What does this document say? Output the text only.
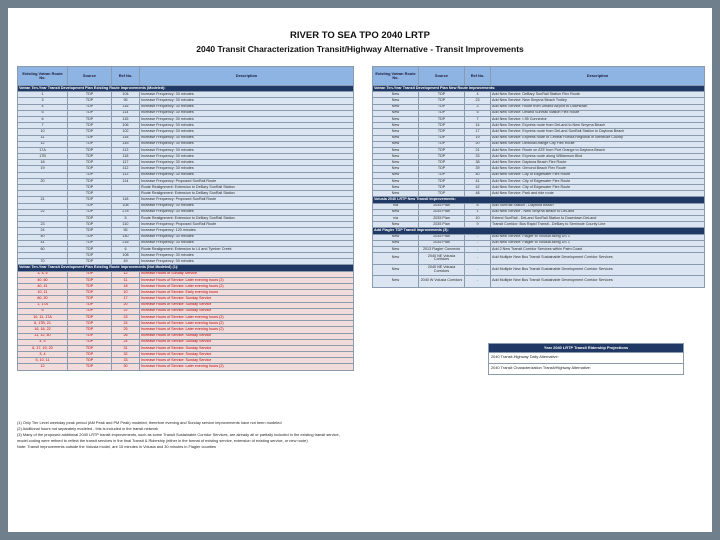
RIVER TO SEA TPO 2040 LRTP
2040 Transit Characterization Transit/Highway Alternative - Transit Improvements
Existing Votran Route No.	Source	Ref No.	Description
Votran Ten-Year Transit Development Plan Existing Route Improvements (Modeled):			
1	TDP	104	Increase Frequency: 30 minutes
3	TDP	95	Increase Frequency: 30 minutes
4	TDP	116	Increase Frequency: 30 minutes
5	TDP	114	Increase Frequency: 30 minutes
6	TDP	115	Increase Frequency: 30 minutes
7	TDP	106	Increase Frequency: 30 minutes
10	TDP	102	Increase Frequency: 30 minutes
11	TDP	144	Increase Frequency: 30 minutes
12	TDP	145	Increase Frequency: 30 minutes
17A	TDP	113	Increase Frequency: 30 minutes
17B	TDP	118	Increase Frequency: 30 minutes
18	TDP	117	Increase Frequency: 30 minutes
19	TDP	112	Increase Frequency: 30 minutes
	TDP	113	Increase Frequency: 30 minutes
20	TDP	114	Increase Frequency: Proposed SunRail Route
	TDP		Route Realignment: Extension to DeBary SunRail Station
	TDP		Route Realignment: Extension to DeBary SunRail Station
21	TDP	118	Increase Frequency: Proposed SunRail Route
	TDP	108	Increase Frequency: 30 minutes
22	TDP	278	Increase Frequency: 30 minutes
	TDP	5	Route Realignment: Extension to DeBary SunRail Station
23	TDP	110	Increase Frequency: Proposed SunRail Route
24	TDP	55	Increase Frequency: 120 minutes
40	TDP	140	Increase Frequency: 30 minutes
41	TDP	216	Increase Frequency: 30 minutes
60	TDP	6	Route Realignment: Extension to I-4 and Tymber Creek
	TDP	108	Increase Frequency: 30 minutes
70	TDP	49	Increase Frequency: 30 minutes
Votran Ten-Year Transit Development Plan Existing Route Improvements (Not Modeled) (1):			
3, 4, 5	TDP	12	Increase Hours of Sunday Service
40, 60	TDP	11	Increase Hours of Service: Later evening hours (2)
40, 41	TDP	18	Increase Hours of Service: Later evening hours (2)
10, 11	TDP	10	Increase Hours of Service: Early evening hours
60, 20	TDP	17	Increase Hours of Service: Sunday Service
1, 17A	TDP	20	Increase Hours of Service: Sunday Service
5	TDP	22	Increase Hours of Service: Sunday Service
10, 11, 17A	TDP	23	Increase Hours of Service: Later evening hours (2)
6, 17B, 21	TDP	24	Increase Hours of Service: Later evening hours (2)
16, 18, 22	TDP	25	Increase Hours of Service: Later evening hours (2)
11, 12, 40	TDP	26	Increase Hours of Service: Sunday Service
4, 5	TDP	24	Increase Hours of Service: Sunday Service
6, 17, 19, 20	TDP	31	Increase Hours of Service: Sunday Service
3, 4	TDP	32	Increase Hours of Service: Sunday Service
5, 10, 11	TDP	33	Increase Hours of Service: Sunday Service
12	TDP	30	Increase Hours of Service: Later evening hours (2)
Existing Votran Route No.	Source	Ref No.	Description
Votran Ten-Year Transit Development Plan New Route Improvements:			
New	TDP	4	Add New Service: DeBary SunRail Station Flex Route
New	TDP	23	Add New Service: New Smyrna Beach Trolley
New	TDP	3	Add New Service: Route from Deland Airport to Downtown
New	TDP	5	Add New Service: Deland SunRail Station Flex Route
New	TDP	7	Add New Service: I-95 Connector
New	TDP	14	Add New Service: Express route from DeLand to New Smyrna Beach
New	TDP	17	Add New Service: Express route from DeLand SunRail Station to Daytona Beach
New	TDP	19	Add New Service: Express route to Central Florida Regional in Seminole County
New	TDP	20	Add New Service: Deltona/Orange City Flex Route
New	TDP	21	Add New Service: Route on ATE from Port Orange to Daytona Beach
New	TDP	33	Add New Service: Express route along Williamson Blvd
New	TDP	38	Add New Service: Daytona Beach Flex Route
New	TDP	39	Add New Service: Ormond Beach Flex Route
New	TDP	40	Add New Service: City of Edgewater Flex Route
New	TDP	41	Add New Service: City of Edgewater Flex Route
New	TDP	42	Add New Service: City of Edgewater Flex Route
New	TDP	48	Add New Service: Park and ride route
Volusia 2040 LRTP New Transit Improvements:			
n/a	2035 Plan	8	Add SunRail Station - Daytona Beach
New	2035 Plan	1	Add New Service - New Smyrna Beach to DeLand
n/a	2035 Plan	10	Extend SunRail - DeLand SunRail Station to Downtown DeLand
New	2035 Plan	9	Transit Corridor: Bus Rapid Transit - DeBary to Seminole County Line
Add Flagler TDP Transit Improvements (3):			
New	2035 Plan	-	Add New Service: Flagler to Volusia along US 1
New	2035 Plan	-	Add New Service: Flagler to Volusia along US 1
New	2013 Flagler Connects	-	Add 2 New Transit Corridor Services within Palm Coast
New	2040 NE Volusia Corridors	-	Add Multiple New Bus Transit Sustainable Development Corridor Services
New	2040 NE Volusia Corridors	-	Add Multiple New Bus Transit Sustainable Development Corridor Services
New	2040 W Volusia Corridors	-	Add Multiple New Bus Transit Sustainable Development Corridor Services
Year 2040 LRTP Transit Ridership Projections
2040 Transit-Highway Daily Alternative:
2040 Transit Characterization Transit/Highway Alternative:
(1) Only Tier Level weekday peak period (AM Peak and PM Peak) modeled; therefore evening and Sunday service improvements have not been modeled
(2) Additional hours not separately modeled - this is included in the transit network
(3) Many of the proposed additional 2040 LRTP transit improvements, such as some Transit Sustainable Corridor Services, are already all or partially included in the existing transit service,
model coding were refined to reflect the transit services in the final Transit & Ridership (either in the format of existing service, extension of existing service, or new route)
Note: Transit improvements outside the Volusia model, are 15 minutes in Volusia and 30 minutes in Flagler counties
